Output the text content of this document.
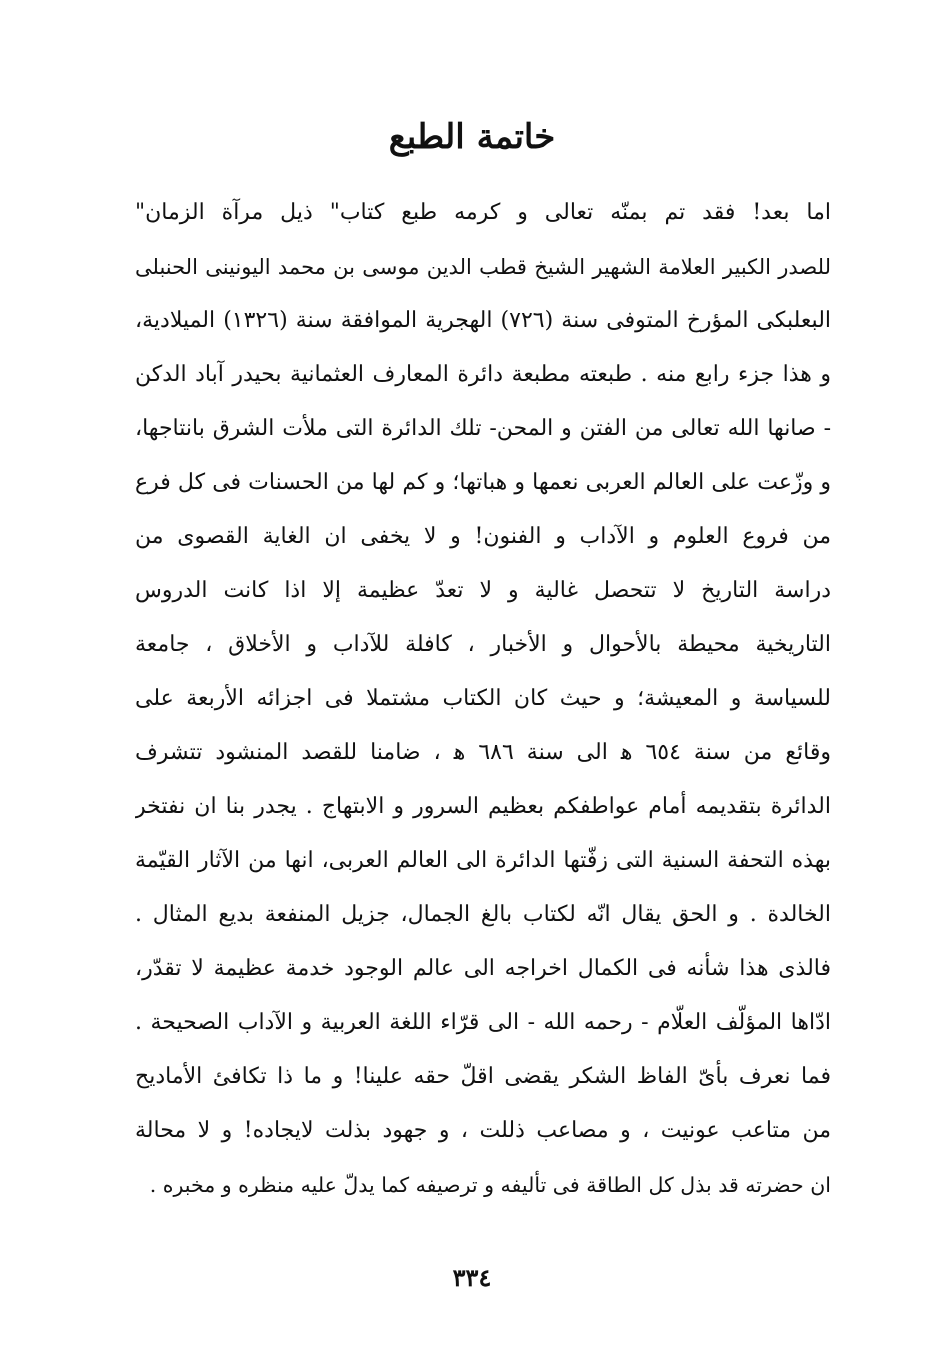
خاتمة الطبع
اما بعد! فقد تم بمنّه تعالى و كرمه طبع كتاب" ذيل مرآة الزمان"
للصدر الكبير العلامة الشهير الشيخ قطب الدين موسى بن محمد اليونينى الحنبلى
البعلبكى المؤرخ المتوفى سنة (٧٢٦) الهجرية الموافقة سنة (١٣٢٦) الميلادية،
و هذا جزء رابع منه . طبعته مطبعة دائرة المعارف العثمانية بحيدر آباد الدكن
- صانها الله تعالى من الفتن و المحن- تلك الدائرة التى ملأت الشرق بانتاجها،
و وزّعت على العالم العربى نعمها و هباتها؛ و كم لها من الحسنات فى كل فرع
من فروع العلوم و الآداب و الفنون! و لا يخفى ان الغاية القصوى من
دراسة التاريخ لا تتحصل غالية و لا تعدّ عظيمة إلا اذا كانت الدروس
التاريخية محيطة بالأحوال و الأخبار ، كافلة للآداب و الأخلاق ، جامعة
للسياسة و المعيشة؛ و حيث كان الكتاب مشتملا فى اجزائه الأربعة على
وقائع من سنة ٦٥٤ ﻫ الى سنة ٦٨٦ ﻫ ، ضامنا للقصد المنشود تتشرف
الدائرة بتقديمه أمام عواطفكم بعظيم السرور و الابتهاج . يجدر بنا ان نفتخر
بهذه التحفة السنية التى زفّتها الدائرة الى العالم العربى، انها من الآثار القيّمة
الخالدة . و الحق يقال انّه لكتاب بالغ الجمال، جزيل المنفعة بديع المثال .
فالذى هذا شأنه فى الكمال اخراجه الى عالم الوجود خدمة عظيمة لا تقدّر،
ادّاها المؤلّف العلّام - رحمه الله - الى قرّاء اللغة العربية و الآداب الصحيحة .
فما نعرف بأىّ الفاظ الشكر يقضى اقلّ حقه علينا! و ما ذا تكافئ الأماديح
من متاعب عونيت ، و مصاعب ذللت ، و جهود بذلت لايجاده! و لا محالة
ان حضرته قد بذل كل الطاقة فى تأليفه و ترصيفه كما يدلّ عليه منظره و مخبره .
٣٣٤
